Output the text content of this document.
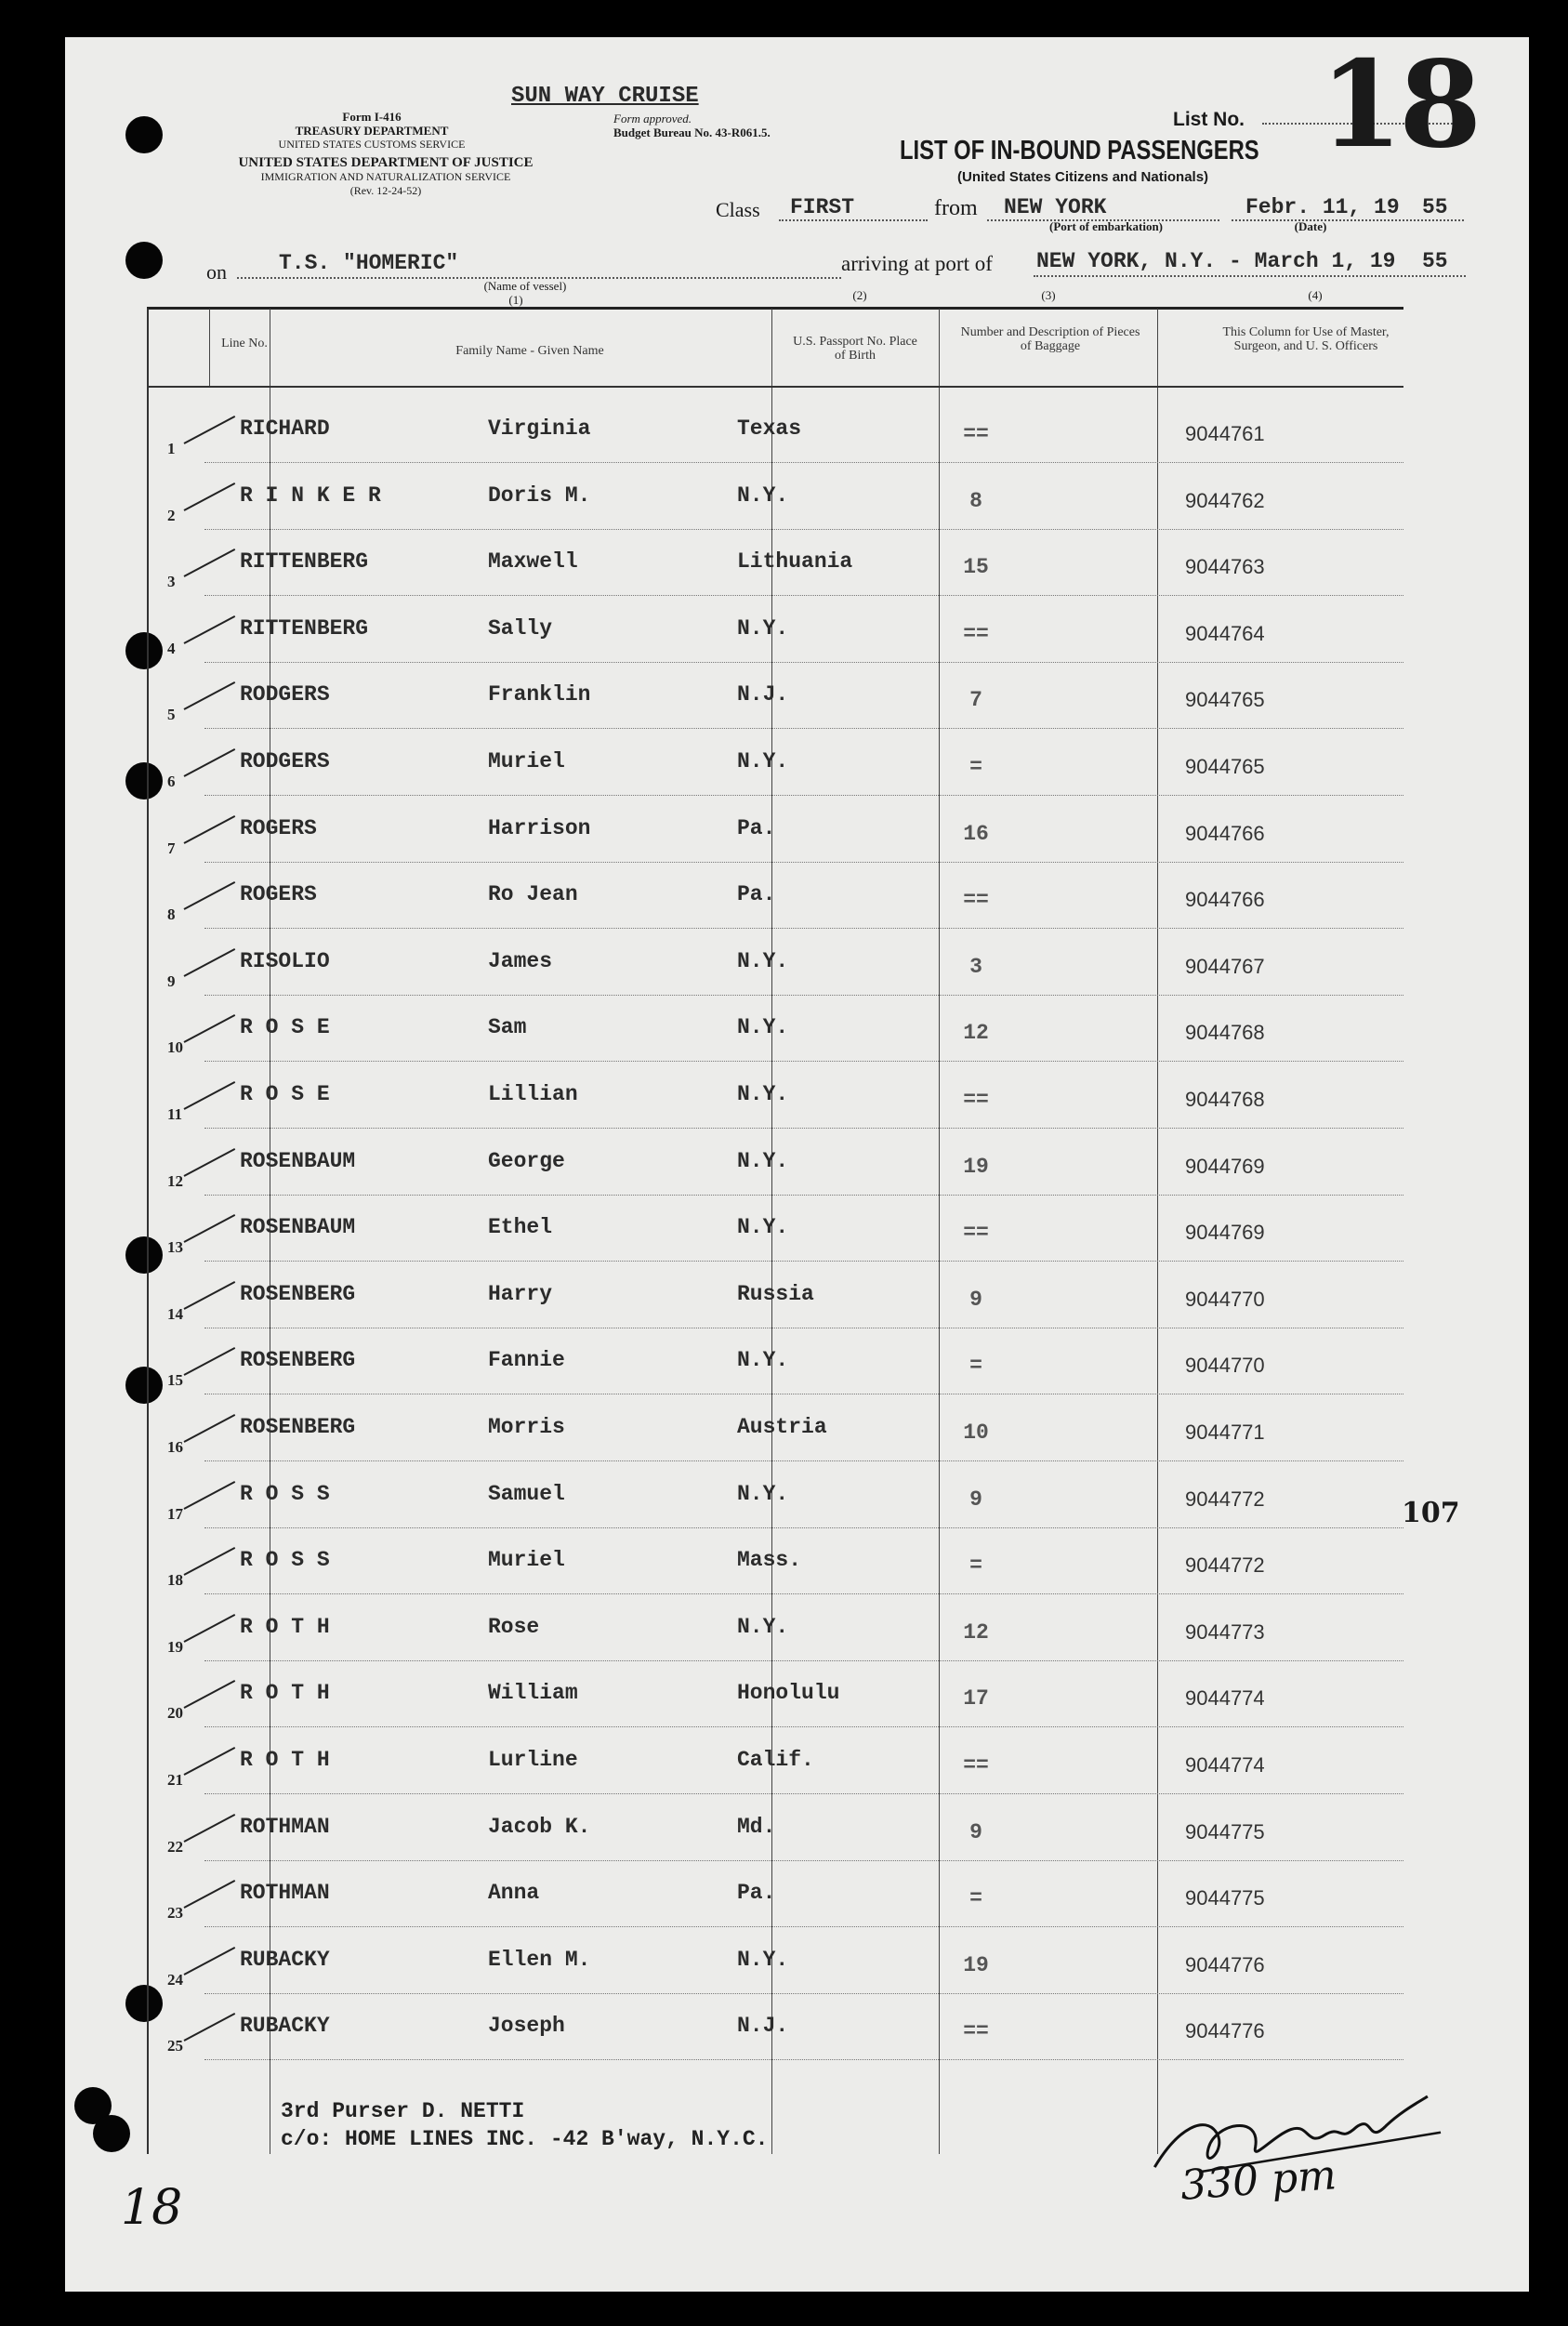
SUN WAY CRUISE
Form I-416
TREASURY DEPARTMENT
UNITED STATES CUSTOMS SERVICE
Form approved.
Budget Bureau No. 43-R061.5.
UNITED STATES DEPARTMENT OF JUSTICE
IMMIGRATION AND NATURALIZATION SERVICE
(Rev. 12-24-52)
List No. 18
LIST OF IN-BOUND PASSENGERS
(United States Citizens and Nationals)
Class FIRST	from NEW YORK
(Port of embarkation)
Febr. 11, 19 55
(Date)
on T.S. "HOMERIC"
(Name of vessel)
(1)
arriving at port of NEW YORK, N.Y. - March 1, 19 55
(2)	(3)	(4)
Line No.
Family Name - Given Name
U.S. Passport No. Place of Birth
Number and Description of Pieces of Baggage
This Column for Use of Master, Surgeon, and U. S. Officers
1
RICHARD	Virginia	Texas	==	9044761
2
R I N K E R	Doris M.	N.Y.	8	9044762
3
RITTENBERG	Maxwell	Lithuania	15	9044763
4
RITTENBERG	Sally	N.Y.	==	9044764
5
RODGERS	Franklin	N.J.	7	9044765
6
RODGERS	Muriel	N.Y.	=	9044765
7
ROGERS	Harrison	Pa.	16	9044766
8
ROGERS	Ro Jean	Pa.	==	9044766
9
RISOLIO	James	N.Y.	3	9044767
10
R O S E	Sam	N.Y.	12	9044768
11
R O S E	Lillian	N.Y.	==	9044768
12
ROSENBAUM	George	N.Y.	19	9044769
13
ROSENBAUM	Ethel	N.Y.	==	9044769
14
ROSENBERG	Harry	Russia	9	9044770
15
ROSENBERG	Fannie	N.Y.	=	9044770
16
ROSENBERG	Morris	Austria	10	9044771
17
R O S S	Samuel	N.Y.	9	9044772
18
R O S S	Muriel	Mass.	=	9044772
19
R O T H	Rose	N.Y.	12	9044773
20
R O T H	William	Honolulu	17	9044774
21
R O T H	Lurline	Calif.	==	9044774
22
ROTHMAN	Jacob K.	Md.	9	9044775
23
ROTHMAN	Anna	Pa.	=	9044775
24
RUBACKY	Ellen M.	N.Y.	19	9044776
25
RUBACKY	Joseph	N.J.	==	9044776
107
3rd Purser D. NETTI
c/o: HOME LINES INC. -42 B'way, N.Y.C.
330 pm
18
